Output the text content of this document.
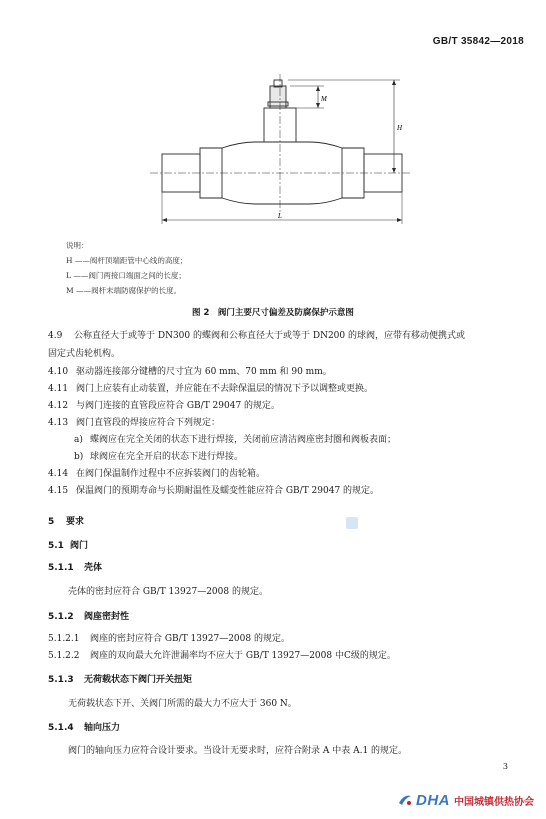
GB/T 35842—2018
M
H
L
说明：
H ——阀杆顶端距管中心线的高度；
L ——阀门两接口端面之间的长度；
M ——阀杆末端防腐保护的长度。
图 2　阀门主要尺寸偏差及防腐保护示意图
4.9 公称直径大于或等于 DN300 的蝶阀和公称直径大于或等于 DN200 的球阀，应带有移动便携式或
固定式齿轮机构。
4.10 驱动器连接部分键槽的尺寸宜为 60 mm、70 mm 和 90 mm。
4.11 阀门上应装有止动装置，并应能在不去除保温层的情况下予以调整或更换。
4.12 与阀门连接的直管段应符合 GB/T 29047 的规定。
4.13 阀门直管段的焊接应符合下列规定：
a) 蝶阀应在完全关闭的状态下进行焊接，关闭前应清洁阀座密封圈和阀板表面；
b) 球阀应在完全开启的状态下进行焊接。
4.14 在阀门保温制作过程中不应拆装阀门的齿轮箱。
4.15 保温阀门的预期寿命与长期耐温性及蠕变性能应符合 GB/T 29047 的规定。
5 要求
5.1 阀门
5.1.1 壳体
壳体的密封应符合 GB/T 13927—2008 的规定。
5.1.2 阀座密封性
5.1.2.1 阀座的密封应符合 GB/T 13927—2008 的规定。
5.1.2.2 阀座的双向最大允许泄漏率均不应大于 GB/T 13927—2008 中C级的规定。
5.1.3 无荷载状态下阀门开关扭矩
无荷载状态下开、关阀门所需的最大力不应大于 360 N。
5.1.4 轴向压力
阀门的轴向压力应符合设计要求。当设计无要求时，应符合附录 A 中表 A.1 的规定。
3
DHA 中国城镇供热协会
